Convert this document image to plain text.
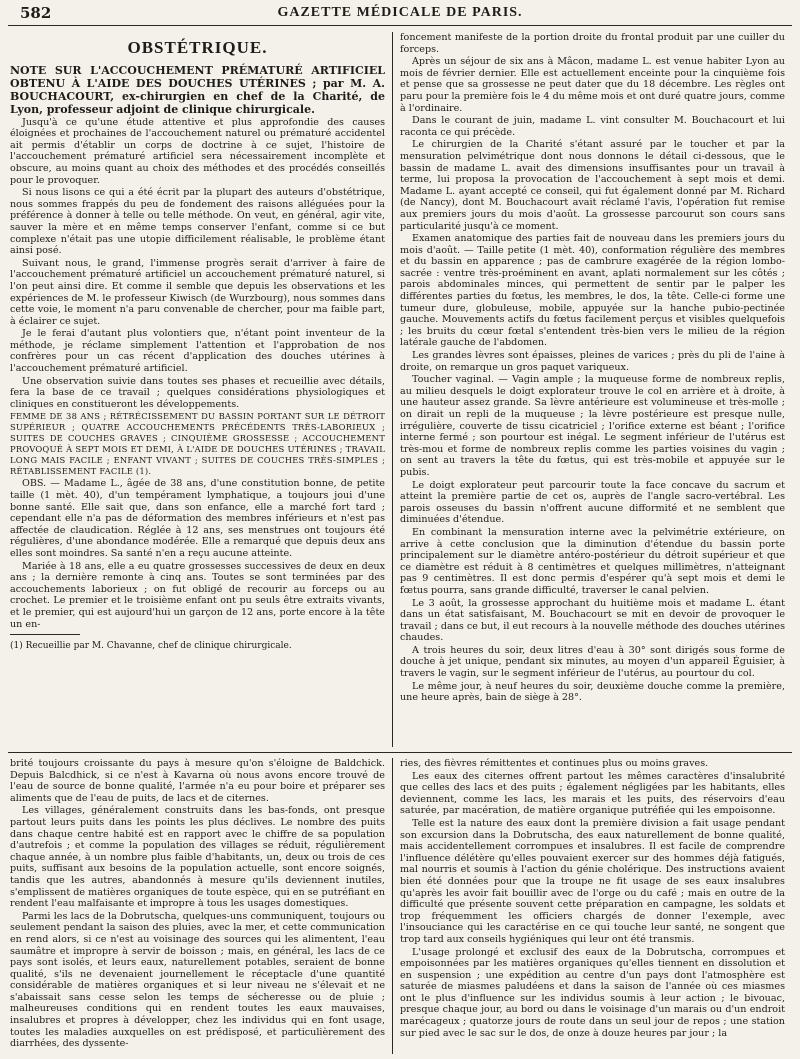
582	GAZETTE MÉDICALE DE PARIS.
OBSTÉTRIQUE.

NOTE SUR L'ACCOUCHEMENT PRÉMATURÉ ARTIFICIEL OBTENU À L'AIDE DES DOUCHES UTÉRINES ; par M. A. BOUCHACOURT, ex-chirurgien en chef de la Charité, de Lyon, professeur adjoint de clinique chirurgicale.

Jusqu'à ce qu'une étude attentive et plus approfondie des causes éloignées et prochaines de l'accouchement naturel ou prématuré accidentel ait permis d'établir un corps de doctrine à ce sujet, l'histoire de l'accouchement prématuré artificiel sera nécessairement incomplète et obscure, au moins quant au choix des méthodes et des procédés conseillés pour le provoquer.

Si nous lisons ce qui a été écrit par la plupart des auteurs d'obstétrique, nous sommes frappés du peu de fondement des raisons alléguées pour la préférence à donner à telle ou telle méthode. On veut, en général, agir vite, sauver la mère et en même temps conserver l'enfant, comme si ce but complexe n'était pas une utopie difficilement réalisable, le problème étant ainsi posé.

Suivant nous, le grand, l'immense progrès serait d'arriver à faire de l'accouchement prématuré artificiel un accouchement prématuré naturel, si l'on peut ainsi dire. Et comme il semble que depuis les observations et les expériences de M. le professeur Kiwisch (de Wurzbourg), nous sommes dans cette voie, le moment n'a paru convenable de chercher, pour ma faible part, à éclairer ce sujet.

Je le ferai d'autant plus volontiers que, n'étant point inventeur de la méthode, je réclame simplement l'attention et l'approbation de nos confrères pour un cas récent d'application des douches utérines à l'accouchement prématuré artificiel.

Une observation suivie dans toutes ses phases et recueillie avec détails, fera la base de ce travail ; quelques considérations physiologiques et cliniques en constitueront les développements.

FEMME DE 38 ANS ; RÉTRÉCISSEMENT DU BASSIN PORTANT SUR LE DÉTROIT SUPÉRIEUR ; QUATRE ACCOUCHEMENTS PRÉCÉDENTS TRÈS-LABORIEUX ; SUITES DE COUCHES GRAVES ; CINQUIÈME GROSSESSE ; ACCOUCHEMENT PROVOQUÉ À SEPT MOIS ET DEMI, À L'AIDE DE DOUCHES UTÉRINES ; TRAVAIL LONG MAIS FACILE ; ENFANT VIVANT ; SUITES DE COUCHES TRÈS-SIMPLES ; RÉTABLISSEMENT FACILE (1).

OBS. — Madame L., âgée de 38 ans, d'une constitution bonne, de petite taille (1 mèt. 40), d'un tempérament lymphatique, a toujours joui d'une bonne santé. Elle sait que, dans son enfance, elle a marché fort tard ; cependant elle n'a pas de déformation des membres inférieurs et n'est pas affectée de claudication. Réglée à 12 ans, ses menstrues ont toujours été régulières, d'une abondance modérée. Elle a remarqué que depuis deux ans elles sont moindres. Sa santé n'en a reçu aucune atteinte.

Mariée à 18 ans, elle a eu quatre grossesses successives de deux en deux ans ; la dernière remonte à cinq ans. Toutes se sont terminées par des accouchements laborieux ; on fut obligé de recourir au forceps ou au crochet. Le premier et le troisième enfant ont pu seuls être extraits vivants, et le premier, qui est aujourd'hui un garçon de 12 ans, porte encore à la tête un en-

(1) Recueillie par M. Chavanne, chef de clinique chirurgicale.

foncement manifeste de la portion droite du frontal produit par une cuiller du forceps.

Après un séjour de six ans à Mâcon, madame L. est venue habiter Lyon au mois de février dernier. Elle est actuellement enceinte pour la cinquième fois et pense que sa grossesse ne peut dater que du 18 décembre. Les règles ont paru pour la première fois le 4 du même mois et ont duré quatre jours, comme à l'ordinaire.

Dans le courant de juin, madame L. vint consulter M. Bouchacourt et lui raconta ce qui précède.

Le chirurgien de la Charité s'étant assuré par le toucher et par la mensuration pelvimétrique dont nous donnons le détail ci-dessous, que le bassin de madame L. avait des dimensions insuffisantes pour un travail à terme, lui proposa la provocation de l'accouchement à sept mois et demi. Madame L. ayant accepté ce conseil, qui fut également donné par M. Richard (de Nancy), dont M. Bouchacourt avait réclamé l'avis, l'opération fut remise aux premiers jours du mois d'août. La grossesse parcourut son cours sans particularité jusqu'à ce moment.

Examen anatomique des parties fait de nouveau dans les premiers jours du mois d'août. — Taille petite (1 mèt. 40), conformation régulière des membres et du bassin en apparence ; pas de cambrure exagérée de la région lombo-sacrée : ventre très-proéminent en avant, aplati normalement sur les côtés ; parois abdominales minces, qui permettent de sentir par le palper les différentes parties du fœtus, les membres, le dos, la tête. Celle-ci forme une tumeur dure, globuleuse, mobile, appuyée sur la hanche pubio-pectinée gauche. Mouvements actifs du fœtus facilement perçus et visibles quelquefois ; les bruits du cœur fœtal s'entendent très-bien vers le milieu de la région latérale gauche de l'abdomen.

Les grandes lèvres sont épaisses, pleines de varices ; près du pli de l'aine à droite, on remarque un gros paquet variqueux.

Toucher vaginal. — Vagin ample ; la muqueuse forme de nombreux replis, au milieu desquels le doigt explorateur trouve le col en arrière et à droite, à une hauteur assez grande. Sa lèvre antérieure est volumineuse et très-molle ; on dirait un repli de la muqueuse ; la lèvre postérieure est presque nulle, irrégulière, couverte de tissu cicatriciel ; l'orifice externe est béant ; l'orifice interne fermé ; son pourtour est inégal. Le segment inférieur de l'utérus est très-mou et forme de nombreux replis comme les parties voisines du vagin ; on sent au travers la tête du fœtus, qui est très-mobile et appuyée sur le pubis.

Le doigt explorateur peut parcourir toute la face concave du sacrum et atteint la première partie de cet os, auprès de l'angle sacro-vertébral. Les parois osseuses du bassin n'offrent aucune difformité et ne semblent que diminuées d'étendue.

En combinant la mensuration interne avec la pelvimétrie extérieure, on arrive à cette conclusion que la diminution d'étendue du bassin porte principalement sur le diamètre antéro-postérieur du détroit supérieur et que ce diamètre est réduit à 8 centimètres et quelques millimètres, n'atteignant pas 9 centimètres. Il est donc permis d'espérer qu'à sept mois et demi le fœtus pourra, sans grande difficulté, traverser le canal pelvien.

Le 3 août, la grossesse approchant du huitième mois et madame L. étant dans un état satisfaisant, M. Bouchacourt se mit en devoir de provoquer le travail ; dans ce but, il eut recours à la nouvelle méthode des douches utérines chaudes.

A trois heures du soir, deux litres d'eau à 30° sont dirigés sous forme de douche à jet unique, pendant six minutes, au moyen d'un appareil Éguisier, à travers le vagin, sur le segment inférieur de l'utérus, au pourtour du col.

Le même jour, à neuf heures du soir, deuxième douche comme la première, une heure après, bain de siège à 28°.

brité toujours croissante du pays à mesure qu'on s'éloigne de Baldchick. Depuis Balcdhick, si ce n'est à Kavarna où nous avons encore trouvé de l'eau de source de bonne qualité, l'armée n'a eu pour boire et préparer ses aliments que de l'eau de puits, de lacs et de citernes.

Les villages, généralement construits dans les bas-fonds, ont presque partout leurs puits dans les points les plus déclives. Le nombre des puits dans chaque centre habité est en rapport avec le chiffre de sa population d'autrefois ; et comme la population des villages se réduit, régulièrement chaque année, à un nombre plus faible d'habitants, un, deux ou trois de ces puits, suffisant aux besoins de la population actuelle, sont encore soignés, tandis que les autres, abandonnés à mesure qu'ils deviennent inutiles, s'emplissent de matières organiques de toute espèce, qui en se putréfiant en rendent l'eau malfaisante et impropre à tous les usages domestiques.

Parmi les lacs de la Dobrutscha, quelques-uns communiquent, toujours ou seulement pendant la saison des pluies, avec la mer, et cette communication en rend alors, si ce n'est au voisinage des sources qui les alimentent, l'eau saumâtre et impropre à servir de boisson ; mais, en général, les lacs de ce pays sont isolés, et leurs eaux, naturellement potables, seraient de bonne qualité, s'ils ne devenaient journellement le réceptacle d'une quantité considérable de matières organiques et si leur niveau ne s'élevait et ne s'abaissait sans cesse selon les temps de sécheresse ou de pluie ; malheureuses conditions qui en rendent toutes les eaux mauvaises, insalubres et propres à développer, chez les individus qui en font usage, toutes les maladies auxquelles on est prédisposé, et particulièrement des diarrhées, des dyssente-

ries, des fièvres rémittentes et continues plus ou moins graves.

Les eaux des citernes offrent partout les mêmes caractères d'insalubrité que celles des lacs et des puits ; également négligées par les habitants, elles deviennent, comme les lacs, les marais et les puits, des réservoirs d'eau saturée, par macération, de matière organique putréfiée qui les empoisonne.

Telle est la nature des eaux dont la première division a fait usage pendant son excursion dans la Dobrutscha, des eaux naturellement de bonne qualité, mais accidentellement corrompues et insalubres. Il est facile de comprendre l'influence délétère qu'elles pouvaient exercer sur des hommes déjà fatigués, mal nourris et soumis à l'action du génie cholérique. Des instructions avaient bien été données pour que la troupe ne fit usage de ses eaux insalubres qu'après les avoir fait bouillir avec de l'orge ou du café ; mais en outre de la difficulté que présente souvent cette préparation en campagne, les soldats et trop fréquemment les officiers chargés de donner l'exemple, avec l'insouciance qui les caractérise en ce qui touche leur santé, ne songent que trop tard aux conseils hygiéniques qui leur ont été transmis.

L'usage prolongé et exclusif des eaux de la Dobrutscha, corrompues et empoisonnées par les matières organiques qu'elles tiennent en dissolution et en suspension ; une expédition au centre d'un pays dont l'atmosphère est saturée de miasmes paludéens et dans la saison de l'année où ces miasmes ont le plus d'influence sur les individus soumis à leur action ; le bivouac, presque chaque jour, au bord ou dans le voisinage d'un marais ou d'un endroit marécageux ; quatorze jours de route dans un seul jour de repos ; une station sur pied avec le sac sur le dos, de onze à douze heures par jour ; la
